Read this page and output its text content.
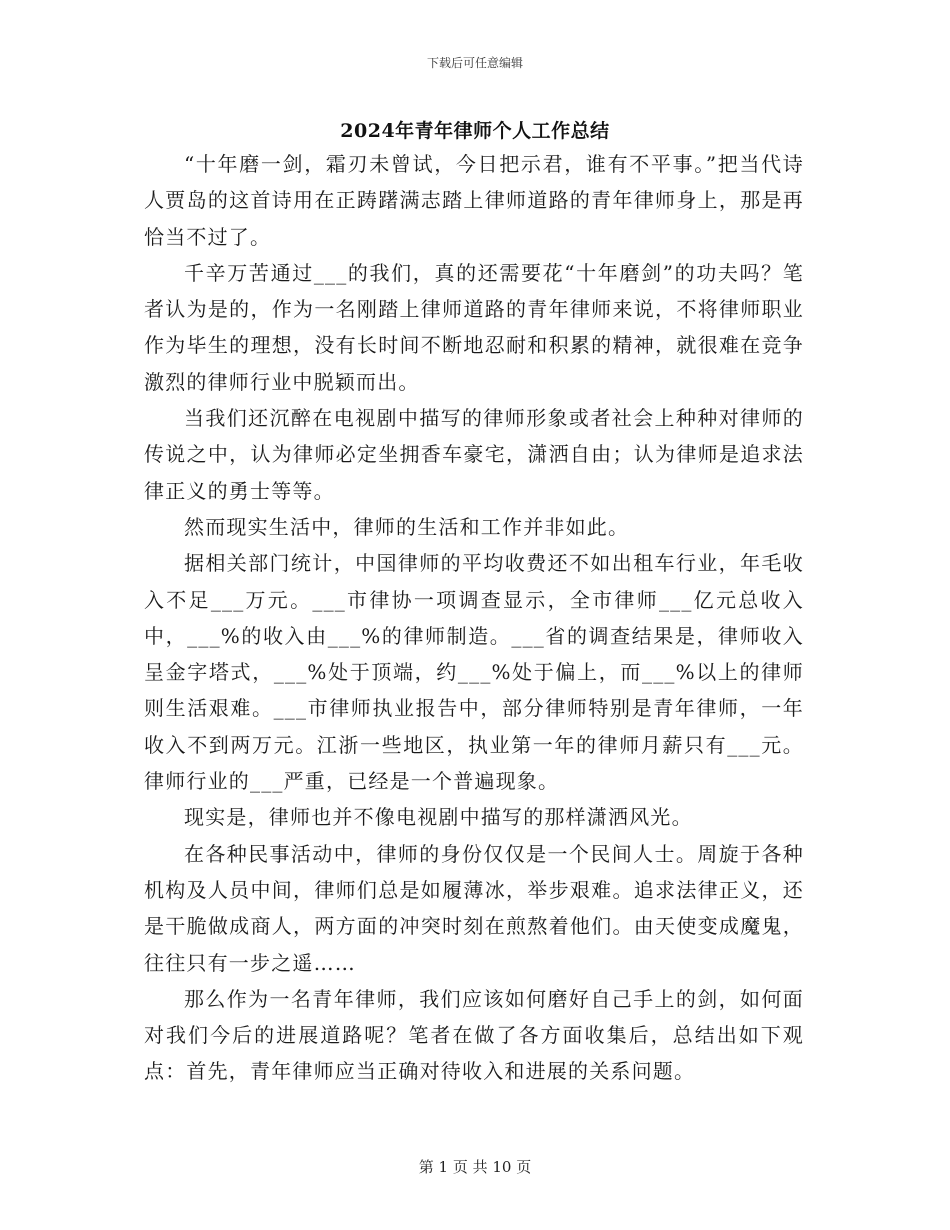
下载后可任意编辑
2024年青年律师个人工作总结

“十年磨一剑，霜刃未曾试，今日把示君，谁有不平事。”把当代诗人贾岛的这首诗用在正踌躇满志踏上律师道路的青年律师身上，那是再恰当不过了。

千辛万苦通过___的我们，真的还需要花“十年磨剑”的功夫吗？笔者认为是的，作为一名刚踏上律师道路的青年律师来说，不将律师职业作为毕生的理想，没有长时间不断地忍耐和积累的精神，就很难在竞争激烈的律师行业中脱颖而出。

当我们还沉醉在电视剧中描写的律师形象或者社会上种种对律师的传说之中，认为律师必定坐拥香车豪宅，潇洒自由；认为律师是追求法律正义的勇士等等。

然而现实生活中，律师的生活和工作并非如此。

据相关部门统计，中国律师的平均收费还不如出租车行业，年毛收入不足___万元。___市律协一项调查显示，全市律师___亿元总收入中，___%的收入由___%的律师制造。___省的调查结果是，律师收入呈金字塔式，___%处于顶端，约___%处于偏上，而___%以上的律师则生活艰难。___市律师执业报告中，部分律师特别是青年律师，一年收入不到两万元。江浙一些地区，执业第一年的律师月薪只有___元。律师行业的___严重，已经是一个普遍现象。

现实是，律师也并不像电视剧中描写的那样潇洒风光。

在各种民事活动中，律师的身份仅仅是一个民间人士。周旋于各种机构及人员中间，律师们总是如履薄冰，举步艰难。追求法律正义，还是干脆做成商人，两方面的冲突时刻在煎熬着他们。由天使变成魔鬼，往往只有一步之遥……

那么作为一名青年律师，我们应该如何磨好自己手上的剑，如何面对我们今后的进展道路呢？笔者在做了各方面收集后，总结出如下观点：首先，青年律师应当正确对待收入和进展的关系问题。

第 1 页 共 10 页
